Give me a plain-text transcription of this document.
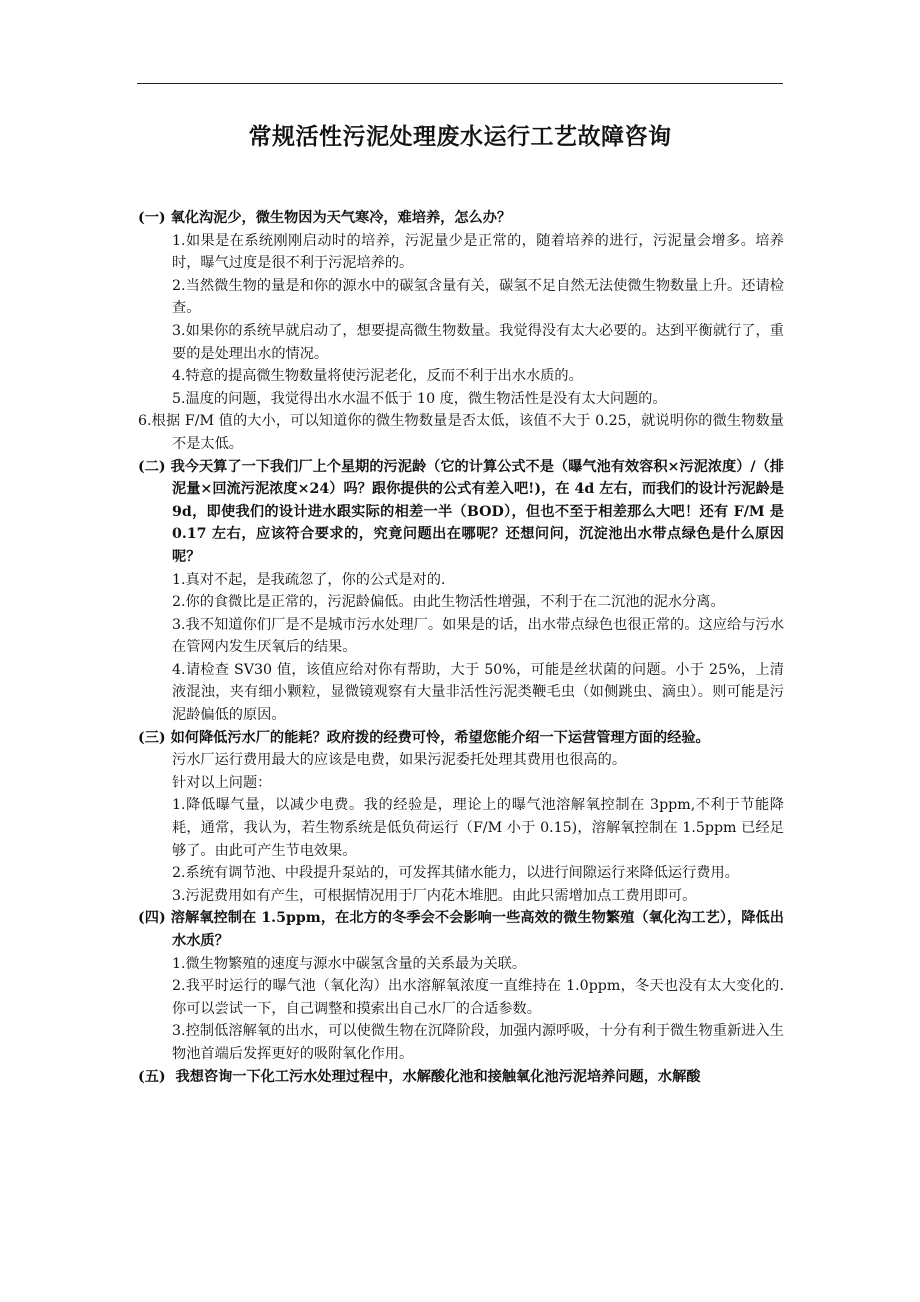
常规活性污泥处理废水运行工艺故障咨询

(一) 氧化沟泥少，微生物因为天气寒冷，难培养，怎么办？

1.如果是在系统刚刚启动时的培养，污泥量少是正常的，随着培养的进行，污泥量会增多。培养时，曝气过度是很不利于污泥培养的。

2.当然微生物的量是和你的源水中的碳氢含量有关，碳氢不足自然无法使微生物数量上升。还请检查。

3.如果你的系统早就启动了，想要提高微生物数量。我觉得没有太大必要的。达到平衡就行了，重要的是处理出水的情况。

4.特意的提高微生物数量将使污泥老化，反而不利于出水水质的。

5.温度的问题，我觉得出水水温不低于 10 度，微生物活性是没有太大问题的。

6.根据 F/M 值的大小，可以知道你的微生物数量是否太低，该值不大于 0.25，就说明你的微生物数量不是太低。

(二) 我今天算了一下我们厂上个星期的污泥龄（它的计算公式不是（曝气池有效容积×污泥浓度）/（排泥量×回流污泥浓度×24）吗？跟你提供的公式有差入吧!)，在 4d 左右，而我们的设计污泥龄是 9d，即使我们的设计进水跟实际的相差一半（BOD），但也不至于相差那么大吧！还有 F/M 是 0.17 左右，应该符合要求的，究竟问题出在哪呢？还想问问，沉淀池出水带点绿色是什么原因呢？

1.真对不起，是我疏忽了，你的公式是对的.

2.你的食微比是正常的，污泥龄偏低。由此生物活性增强，不利于在二沉池的泥水分离。

3.我不知道你们厂是不是城市污水处理厂。如果是的话，出水带点绿色也很正常的。这应给与污水在管网内发生厌氧后的结果。

4.请检查 SV30 值，该值应给对你有帮助，大于 50%，可能是丝状菌的问题。小于 25%，上清液混浊，夹有细小颗粒，显微镜观察有大量非活性污泥类鞭毛虫（如侧跳虫、滴虫）。则可能是污泥龄偏低的原因。

(三) 如何降低污水厂的能耗？政府拨的经费可怜，希望您能介绍一下运营管理方面的经验。

污水厂运行费用最大的应该是电费，如果污泥委托处理其费用也很高的。

针对以上问题：

1.降低曝气量，以减少电费。我的经验是，理论上的曝气池溶解氧控制在 3ppm,不利于节能降耗，通常，我认为，若生物系统是低负荷运行（F/M 小于 0.15)，溶解氧控制在 1.5ppm 已经足够了。由此可产生节电效果。

2.系统有调节池、中段提升泵站的，可发挥其储水能力，以进行间隙运行来降低运行费用。

3.污泥费用如有产生，可根据情况用于厂内花木堆肥。由此只需增加点工费用即可。

(四) 溶解氧控制在 1.5ppm，在北方的冬季会不会影响一些高效的微生物繁殖（氧化沟工艺），降低出水水质？

1.微生物繁殖的速度与源水中碳氢含量的关系最为关联。

2.我平时运行的曝气池（氧化沟）出水溶解氧浓度一直维持在 1.0ppm，冬天也没有太大变化的.你可以尝试一下，自己调整和摸索出自己水厂的合适参数。

3.控制低溶解氧的出水，可以使微生物在沉降阶段，加强内源呼吸，十分有利于微生物重新进入生物池首端后发挥更好的吸附氧化作用。

(五) 我想咨询一下化工污水处理过程中，水解酸化池和接触氧化池污泥培养问题，水解酸
